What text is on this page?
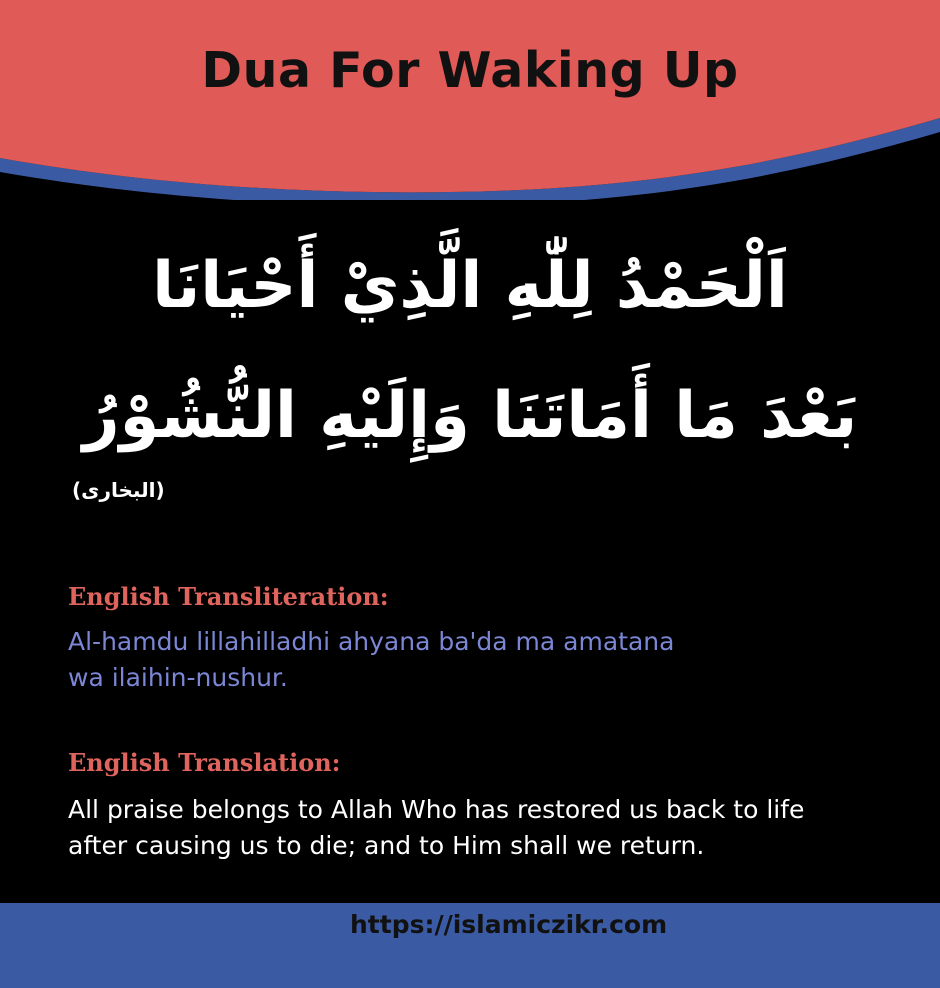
Dua For Waking Up
اَلْحَمْدُ لِلّٰهِ الَّذِيْ أَحْيَانَا
بَعْدَ مَا أَمَاتَنَا وَإِلَيْهِ النُّشُوْرُ
(البخاری)
English Transliteration:
Al-hamdu lillahilladhi ahyana ba'da ma amatana
wa ilaihin-nushur.
English Translation:
All praise belongs to Allah Who has restored us back to life
after causing us to die; and to Him shall we return.
https://islamiczikr.com
